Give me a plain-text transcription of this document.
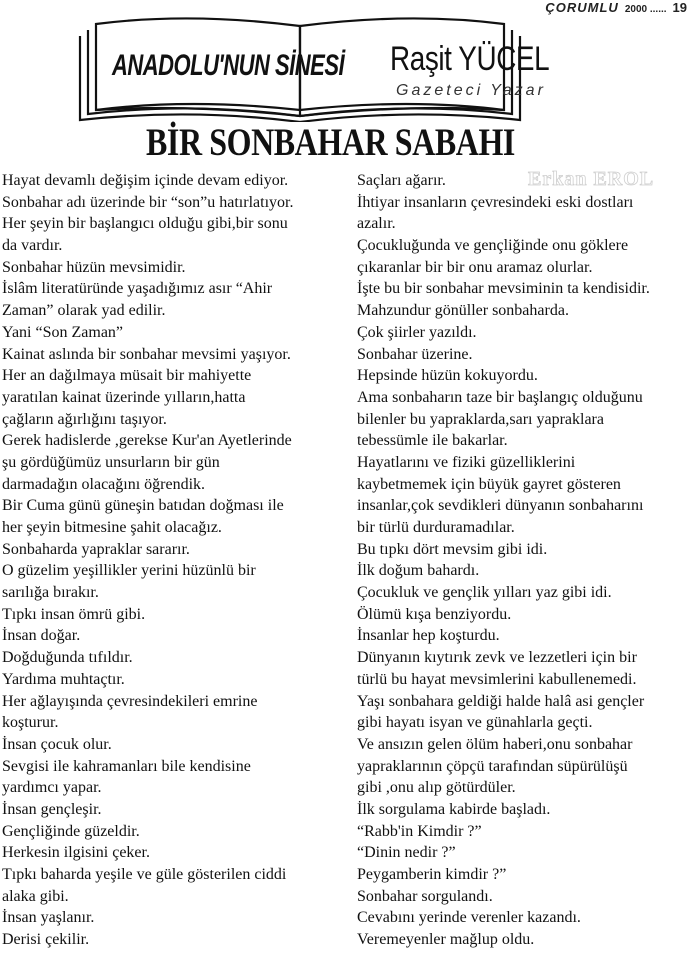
ÇORUMLU 2000 ...... 19
ANADOLU'NUN SİNESİ Raşit YÜCEL
Gazeteci Yazar
BİR SONBAHAR SABAHI
Erkan EROL
Hayat devamlı değişim içinde devam ediyor.
Sonbahar adı üzerinde bir “son”u hatırlatıyor.
Her şeyin bir başlangıcı olduğu gibi,bir sonu
da vardır.
Sonbahar hüzün mevsimidir.
İslâm literatüründe yaşadığımız asır “Ahir
Zaman” olarak yad edilir.
Yani “Son Zaman”
Kainat aslında bir sonbahar mevsimi yaşıyor.
Her an dağılmaya müsait bir mahiyette
yaratılan kainat üzerinde yılların,hatta
çağların ağırlığını taşıyor.
Gerek hadislerde ,gerekse Kur'an Ayetlerinde
şu gördüğümüz unsurların bir gün
darmadağın olacağını öğrendik.
Bir Cuma günü güneşin batıdan doğması ile
her şeyin bitmesine şahit olacağız.
Sonbaharda yapraklar sararır.
O güzelim yeşillikler yerini hüzünlü bir
sarılığa bırakır.
Tıpkı insan ömrü gibi.
İnsan doğar.
Doğduğunda tıfıldır.
Yardıma muhtaçtır.
Her ağlayışında çevresindekileri emrine
koşturur.
İnsan çocuk olur.
Sevgisi ile kahramanları bile kendisine
yardımcı yapar.
İnsan gençleşir.
Gençliğinde güzeldir.
Herkesin ilgisini çeker.
Tıpkı baharda yeşile ve güle gösterilen ciddi
alaka gibi.
İnsan yaşlanır.
Derisi çekilir.
Saçları ağarır.
İhtiyar insanların çevresindeki eski dostları
azalır.
Çocukluğunda ve gençliğinde onu göklere
çıkaranlar bir bir onu aramaz olurlar.
İşte bu bir sonbahar mevsiminin ta kendisidir.
Mahzundur gönüller sonbaharda.
Çok şiirler yazıldı.
Sonbahar üzerine.
Hepsinde hüzün kokuyordu.
Ama sonbaharın taze bir başlangıç olduğunu
bilenler bu yapraklarda,sarı yapraklara
tebessümle ile bakarlar.
Hayatlarını ve fiziki güzelliklerini
kaybetmemek için büyük gayret gösteren
insanlar,çok sevdikleri dünyanın sonbaharını
bir türlü durduramadılar.
Bu tıpkı dört mevsim gibi idi.
İlk doğum bahardı.
Çocukluk ve gençlik yılları yaz gibi idi.
Ölümü kışa benziyordu.
İnsanlar hep koşturdu.
Dünyanın kıytırık zevk ve lezzetleri için bir
türlü bu hayat mevsimlerini kabullenemedi.
Yaşı sonbahara geldiği halde halâ asi gençler
gibi hayatı isyan ve günahlarla geçti.
Ve ansızın gelen ölüm haberi,onu sonbahar
yapraklarının çöpçü tarafından süpürülüşü
gibi ,onu alıp götürdüler.
İlk sorgulama kabirde başladı.
“Rabb'in Kimdir ?”
“Dinin nedir ?”
Peygamberin kimdir ?”
Sonbahar sorgulandı.
Cevabını yerinde verenler kazandı.
Veremeyenler mağlup oldu.
